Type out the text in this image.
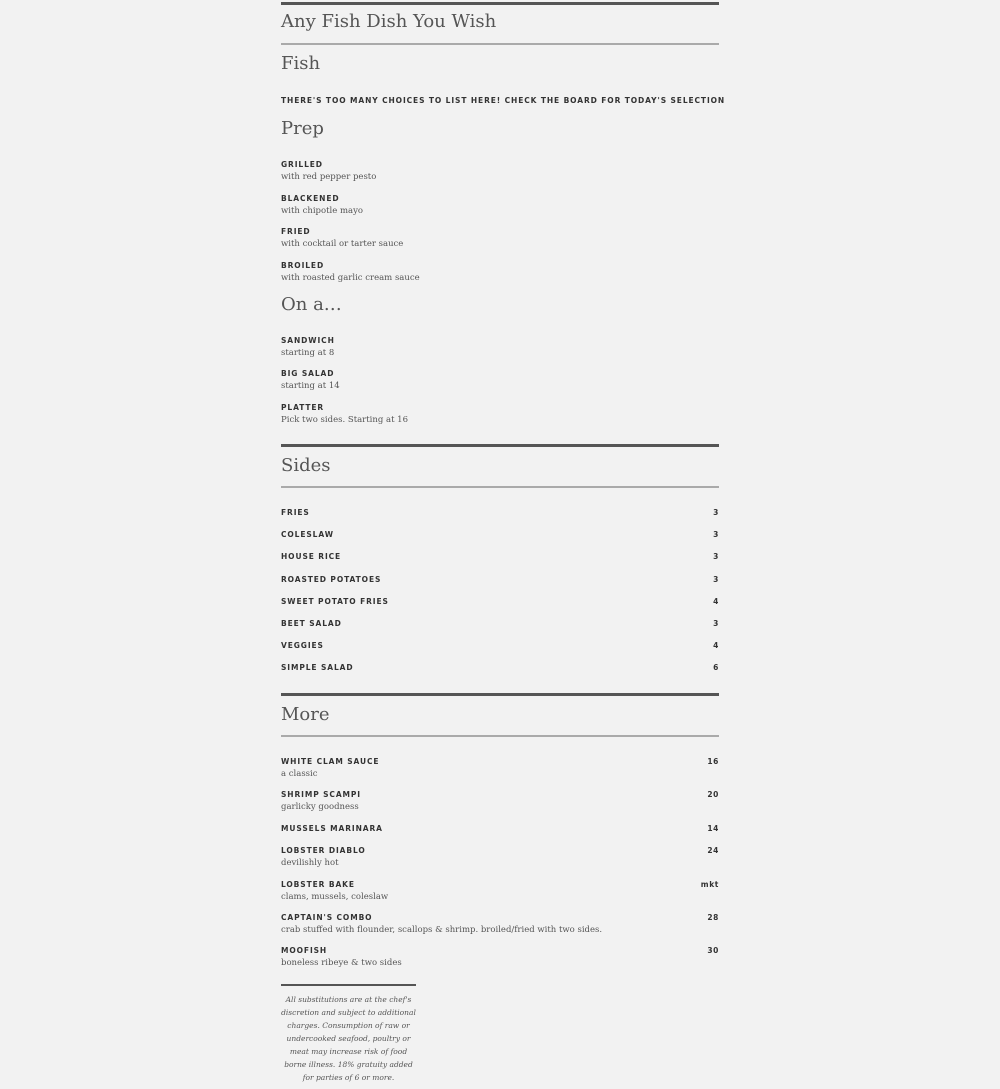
Any Fish Dish You Wish
Fish
THERE'S TOO MANY CHOICES TO LIST HERE! CHECK THE BOARD FOR TODAY'S SELECTION
Prep
GRILLED
with red pepper pesto
BLACKENED
with chipotle mayo
FRIED
with cocktail or tarter sauce
BROILED
with roasted garlic cream sauce
On a…
SANDWICH
starting at 8
BIG SALAD
starting at 14
PLATTER
Pick two sides. Starting at 16
Sides
FRIES	3
COLESLAW	3
HOUSE RICE	3
ROASTED POTATOES	3
SWEET POTATO FRIES	4
BEET SALAD	3
VEGGIES	4
SIMPLE SALAD	6
More
WHITE CLAM SAUCE	16
a classic
SHRIMP SCAMPI	20
garlicky goodness
MUSSELS MARINARA	14
LOBSTER DIABLO	24
devilishly hot
LOBSTER BAKE	mkt
clams, mussels, coleslaw
CAPTAIN'S COMBO	28
crab stuffed with flounder, scallops & shrimp. broiled/fried with two sides.
MOOFISH	30
boneless ribeye & two sides
All substitutions are at the chef's discretion and subject to additional charges. Consumption of raw or undercooked seafood, poultry or meat may increase risk of food borne illness. 18% gratuity added for parties of 6 or more.
